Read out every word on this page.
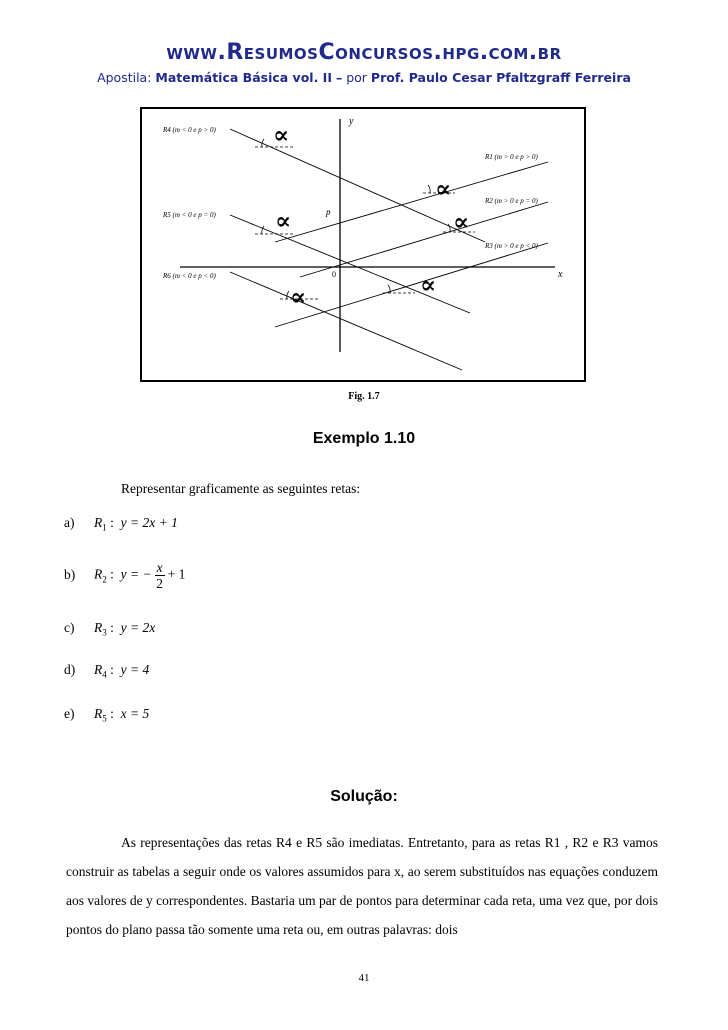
www.ResumosConcursos.hpg.com.br
Apostila: Matemática Básica vol. II – por Prof. Paulo Cesar Pfaltzgraff Ferreira
y
x
0
p
∝
∝
∝
∝
∝
∝
R4 (m < 0 e p > 0)
R1 (m > 0 e p > 0)
R2 (m > 0 e p = 0)
R5 (m < 0 e p = 0)
R3 (m > 0 e p < 0)
R6 (m < 0 e p < 0)
Fig. 1.7
Exemplo 1.10
Representar graficamente as seguintes retas:
a) $R_1$ : y = 2x + 1
b) $R_2$ : y = − $\frac{x}{2} + 1$
c) $R_3$ : y = 2x
d) $R_4$ : y = 4
e) $R_5$ : x = 5
Solução:
As representações das retas R4 e R5 são imediatas. Entretanto, para as retas R1 , R2 e R3 vamos construir as tabelas a seguir onde os valores assumidos para x, ao serem substituídos nas equações conduzem aos valores de y correspondentes. Bastaria um par de pontos para determinar cada reta, uma vez que, por dois pontos do plano passa tão somente uma reta ou, em outras palavras: dois
41
